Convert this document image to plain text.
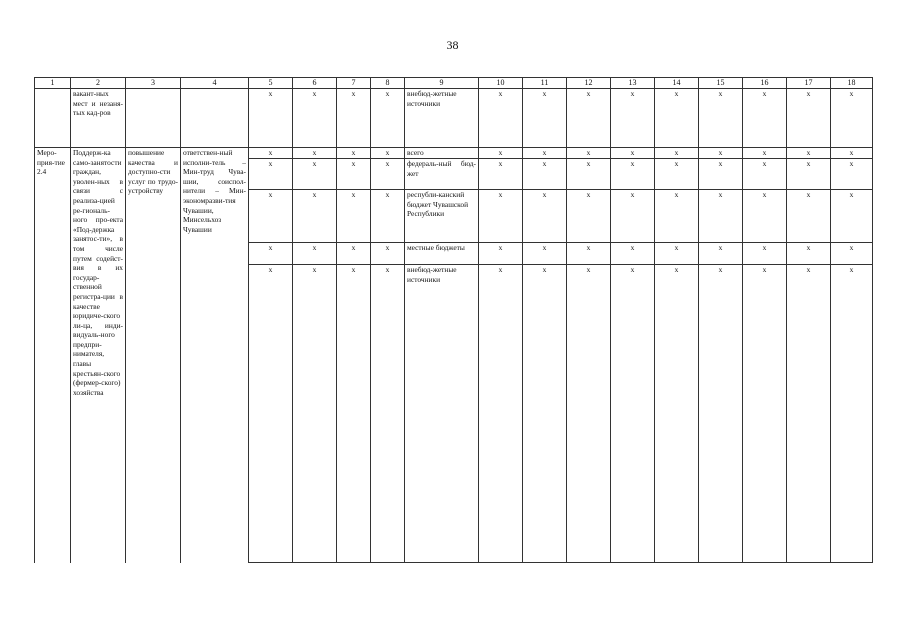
38
1	2	3	4	5	6	7	8	9	10	11	12	13	14	15	16	17	18
	вакант-ных мест и незаня-тых кад-ров			x	x	x	x	внебюд-жетные источники	x	x	x	x	x	x	x	x	x
Меро-прия-тие 2.4	Поддерж-ка само-занятости граждан, уволен-ных в связи с реализа-цией ре-гиональ-ного про-екта «Под-держка занятос-ти», в том числе путем содейст-вия в их государ-ственной регистра-ции в качестве юридиче-ского ли-ца, инди-видуаль-ного предпри-нимателя, главы крестьян-ского (фермер-ского) хозяйства	повышение качества и доступно-сти услуг по трудо-устройству	ответствен-ный исполни-тель – Мин-труд Чува-шии, соиспол-нители – Мин-экономразви-тия Чувашии, Минсельхоз Чувашии	x	x	x	x	всего	x	x	x	x	x	x	x	x	x
				x	x	x	x	федераль-ный бюд-жет	x	x	x	x	x	x	x	x	x
				x	x	x	x	республи-канский бюджет Чувашской Республики	x	x	x	x	x	x	x	x	x
				x	x	x	x	местные бюджеты	x	x	x	x	x	x	x	x	x
				x	x	x	x	внебюд-жетные источники	x	x	x	x	x	x	x	x	x
